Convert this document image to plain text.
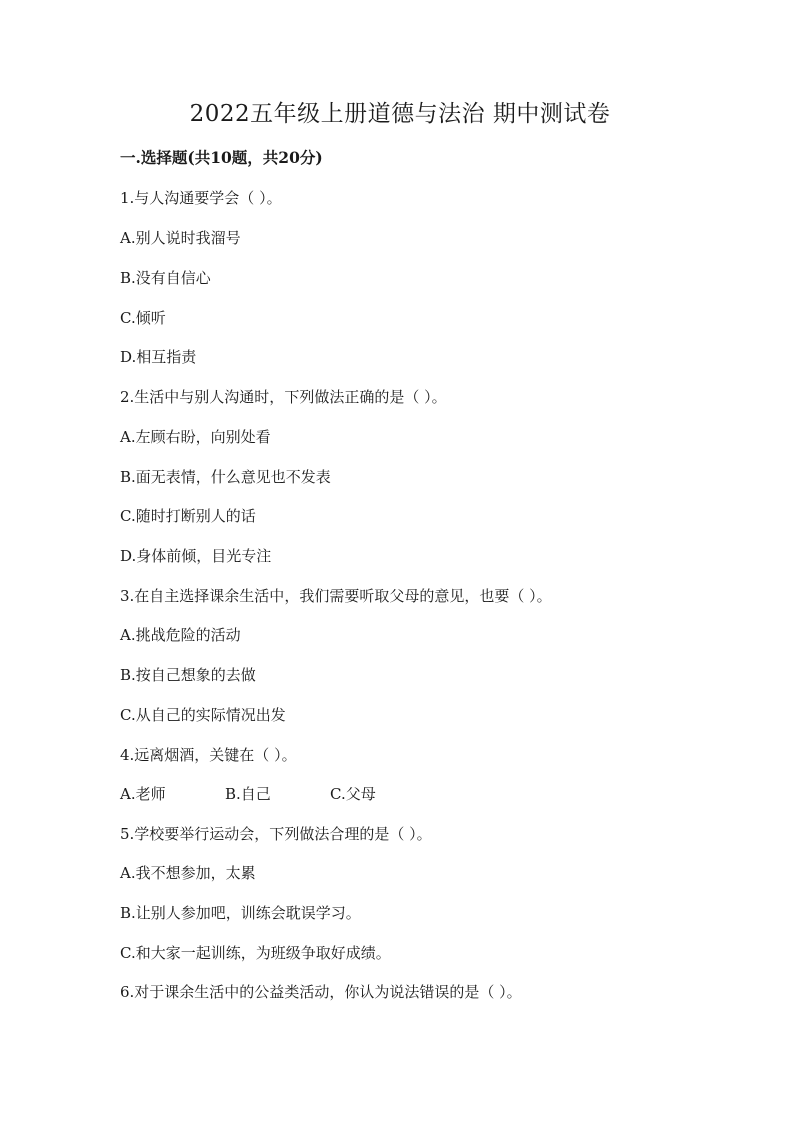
2022五年级上册道德与法治 期中测试卷
一.选择题(共10题，共20分)
1.与人沟通要学会（ ）。
A.别人说时我溜号
B.没有自信心
C.倾听
D.相互指责
2.生活中与别人沟通时，下列做法正确的是（ ）。
A.左顾右盼，向别处看
B.面无表情，什么意见也不发表
C.随时打断别人的话
D.身体前倾，目光专注
3.在自主选择课余生活中，我们需要听取父母的意见，也要（ ）。
A.挑战危险的活动
B.按自己想象的去做
C.从自己的实际情况出发
4.远离烟酒，关键在（ ）。
A.老师	B.自己	C.父母
5.学校要举行运动会，下列做法合理的是（ ）。
A.我不想参加，太累
B.让别人参加吧，训练会耽误学习。
C.和大家一起训练，为班级争取好成绩。
6.对于课余生活中的公益类活动，你认为说法错误的是（ ）。
